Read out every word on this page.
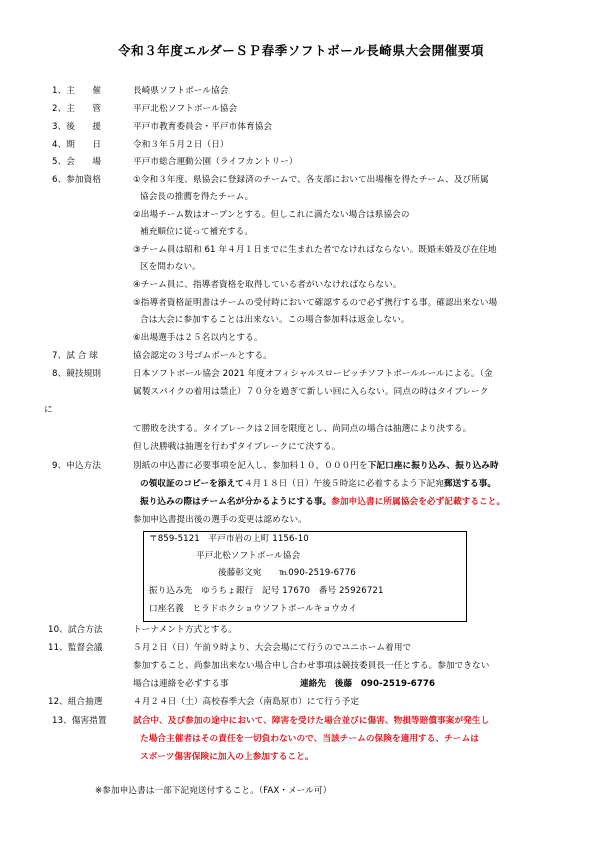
令和３年度エルダーＳＰ春季ソフトボール長崎県大会開催要項
1、主　　催	長崎県ソフトボール協会
2、主　　管	平戸北松ソフトボール協会
3、後　　援	平戸市教育委員会・平戸市体育協会
4、期　　日	令和３年５月２日（日）
5、会　　場	平戸市総合運動公園（ライフカントリー）
6、参加資格	①令和３年度、県協会に登録済のチームで、各支部において出場権を得たチーム、及び所属
協会長の推薦を得たチーム。
②出場チーム数はオープンとする。但しこれに満たない場合は県協会の
補充順位に従って補充する。
③チーム員は昭和 61 年４月１日までに生まれた者でなければならない。既婚未婚及び在住地
区を問わない。
④チーム員に、指導者資格を取得している者がいなければならない。
⑤指導者資格証明書はチームの受付時において確認するので必ず携行する事。確認出来ない場
合は大会に参加することは出来ない。この場合参加料は返金しない。
⑥出場選手は２５名以内とする。
7、試 合 球	協会認定の３号ゴムボールとする。
8、競技規則	日本ソフトボール協会 2021 年度オフィシャルスローピッチソフトボールルールによる。（金
属製スパイクの着用は禁止）７０分を過ぎて新しい回に入らない。同点の時はタイブレーク
に
て勝敗を決する。タイブレークは２回を限度とし、尚同点の場合は抽選により決する。
但し決勝戦は抽選を行わずタイブレークにて決する。
9、申込方法	別紙の申込書に必要事項を記入し、参加料１０，０００円を下記口座に振り込み、振り込み時
の領収証のコピーを添えて４月１８日（日）午後５時迄に必着するよう下記宛郵送する事。
振り込みの際はチーム名が分かるようにする事。参加申込書に所属協会を必ず記載すること。
参加申込書提出後の選手の変更は認めない。
〒859-5121　平戸市岩の上町 1156-10
平戸北松ソフトボール協会
後藤彰文宛　　℡090-2519-6776
振り込み先　ゆうちょ銀行　記号 17670　番号 25926721
口座名義　ヒラドホクショウソフトボールキョウカイ
10、試合方法	トーナメント方式とする。
11、監督会議	５月２日（日）午前９時より、大会会場にて行うのでユニホーム着用で
参加すること、尚参加出来ない場合申し合わせ事項は競技委員長一任とする。参加できない
場合は連絡を必ずする事	連絡先　後藤　090-2519-6776
12、組合抽選	４月２４日（土）高校春季大会（南島原市）にて行う予定
13、傷害措置	試合中、及び参加の途中において、障害を受けた場合並びに傷害、物損等賠償事案が発生し
た場合主催者はその責任を一切負わないので、当該チームの保険を適用する、チームは
スポーツ傷害保険に加入の上参加すること。
※参加申込書は一部下記宛送付すること。（FAX・メール可）
